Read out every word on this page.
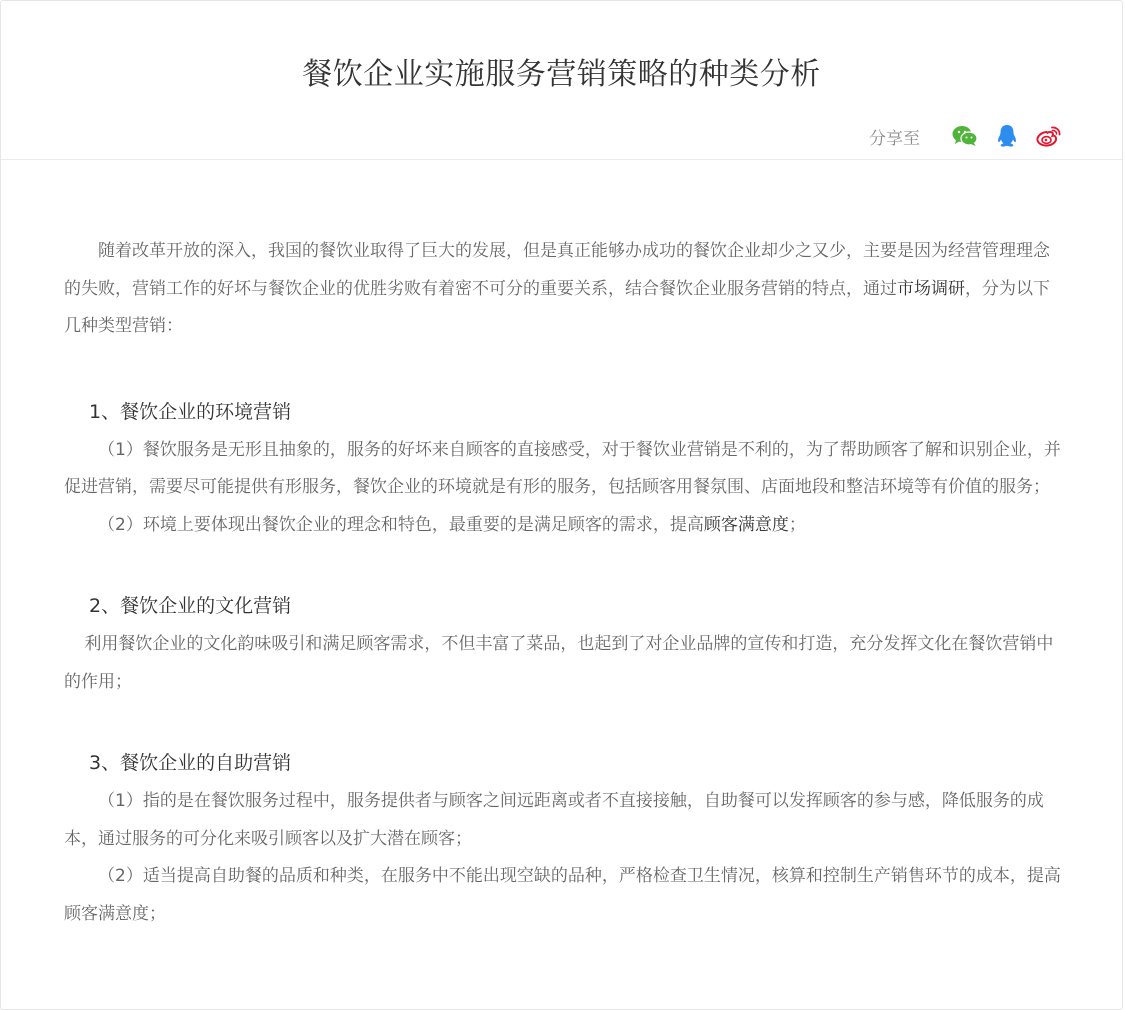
餐饮企业实施服务营销策略的种类分析
分享至

随着改革开放的深入，我国的餐饮业取得了巨大的发展，但是真正能够办成功的餐饮企业却少之又少，主要是因为经营管理理念的失败，营销工作的好坏与餐饮企业的优胜劣败有着密不可分的重要关系，结合餐饮企业服务营销的特点，通过市场调研，分为以下几种类型营销：

1、餐饮企业的环境营销

（1）餐饮服务是无形且抽象的，服务的好坏来自顾客的直接感受，对于餐饮业营销是不利的，为了帮助顾客了解和识别企业，并促进营销，需要尽可能提供有形服务，餐饮企业的环境就是有形的服务，包括顾客用餐氛围、店面地段和整洁环境等有价值的服务；

（2）环境上要体现出餐饮企业的理念和特色，最重要的是满足顾客的需求，提高顾客满意度；

2、餐饮企业的文化营销

利用餐饮企业的文化韵味吸引和满足顾客需求，不但丰富了菜品，也起到了对企业品牌的宣传和打造，充分发挥文化在餐饮营销中的作用；

3、餐饮企业的自助营销

（1）指的是在餐饮服务过程中，服务提供者与顾客之间远距离或者不直接接触，自助餐可以发挥顾客的参与感，降低服务的成本，通过服务的可分化来吸引顾客以及扩大潜在顾客；

（2）适当提高自助餐的品质和种类，在服务中不能出现空缺的品种，严格检查卫生情况，核算和控制生产销售环节的成本，提高顾客满意度；
